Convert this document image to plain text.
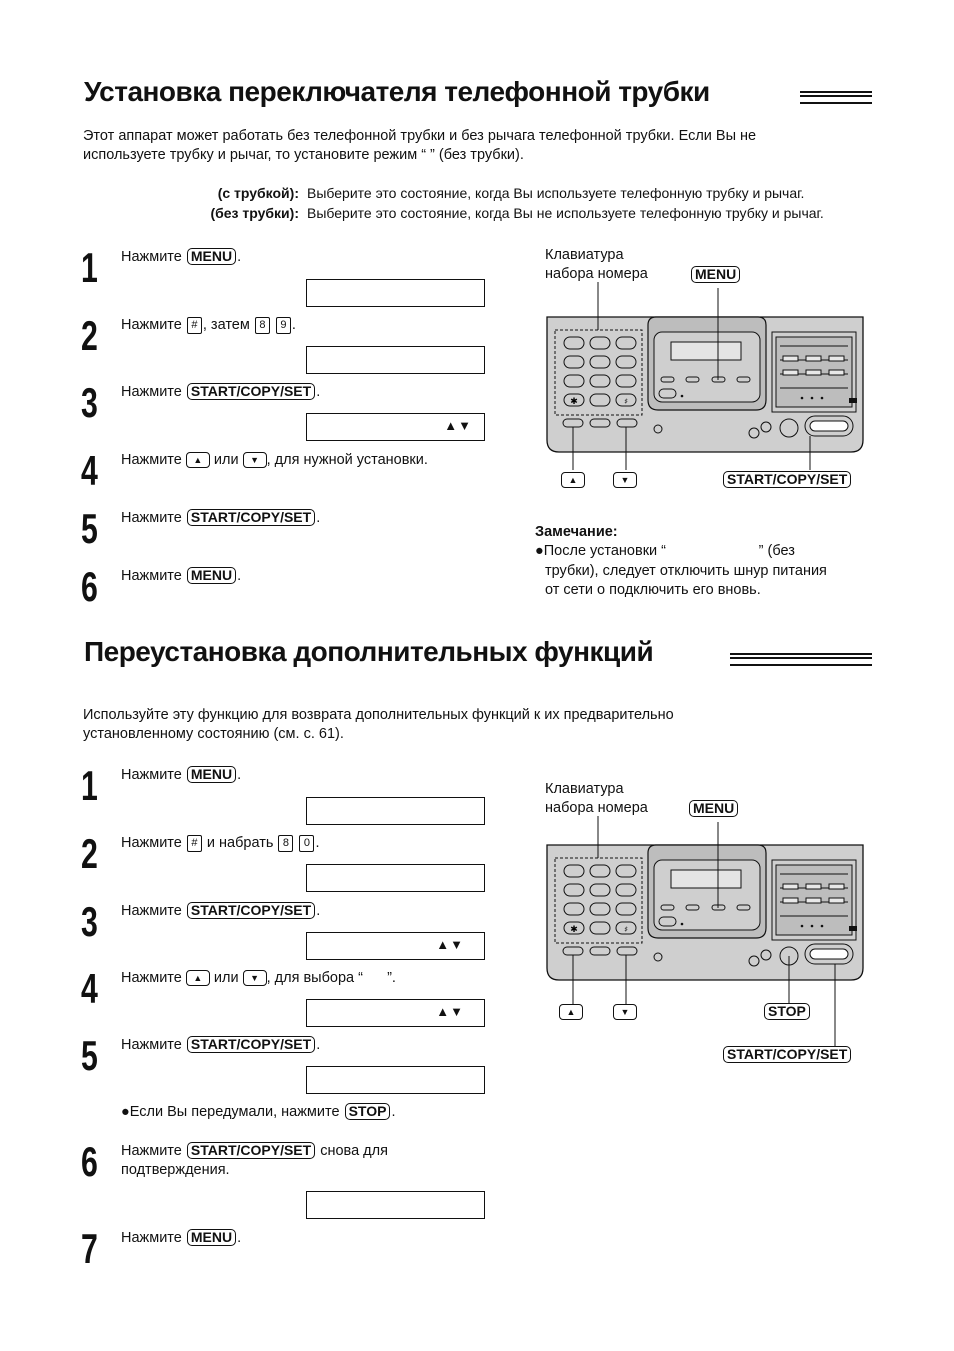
Установка переключателя телефонной трубки
Этот аппарат может работать без телефонной трубки и без рычага телефонной трубки. Если Вы не
используете трубку и рычаг, то установите режим “ ” (без трубки).
(с трубкой): Выберите это состояние, когда Вы используете телефонную трубку и рычаг.
(без трубки): Выберите это состояние, когда Вы не используете телефонную трубку и рычаг.
1 Нажмите MENU .
2 Нажмите # , затем 8 9 .
3 Нажмите START/COPY/SET .
▲▼
4 Нажмите ▲ или ▼ , для нужной установки.
5 Нажмите START/COPY/SET .
6 Нажмите MENU .
Клавиатура
набора номера	MENU
START/COPY/SET
▲	▼
✱	♯
Замечание:
●После установки “                       ” (без
трубки), следует отключить шнур питания
от сети о подключить его вновь.
Переустановка дополнительных функций
Используйте эту функцию для возврата дополнительных функций к их предварительно
установленному состоянию (см. с. 61).
1 Нажмите MENU .
2 Нажмите # и набрать 8 0 .
3 Нажмите START/COPY/SET .
▲▼
4 Нажмите ▲ или ▼ , для выбора “      ”.
▲▼
5 Нажмите START/COPY/SET .
●Если Вы передумали, нажмите STOP .
6 Нажмите START/COPY/SET снова для
подтверждения.
7 Нажмите MENU .
Клавиатура
набора номера	MENU
STOP
START/COPY/SET
▲	▼
✱	♯
